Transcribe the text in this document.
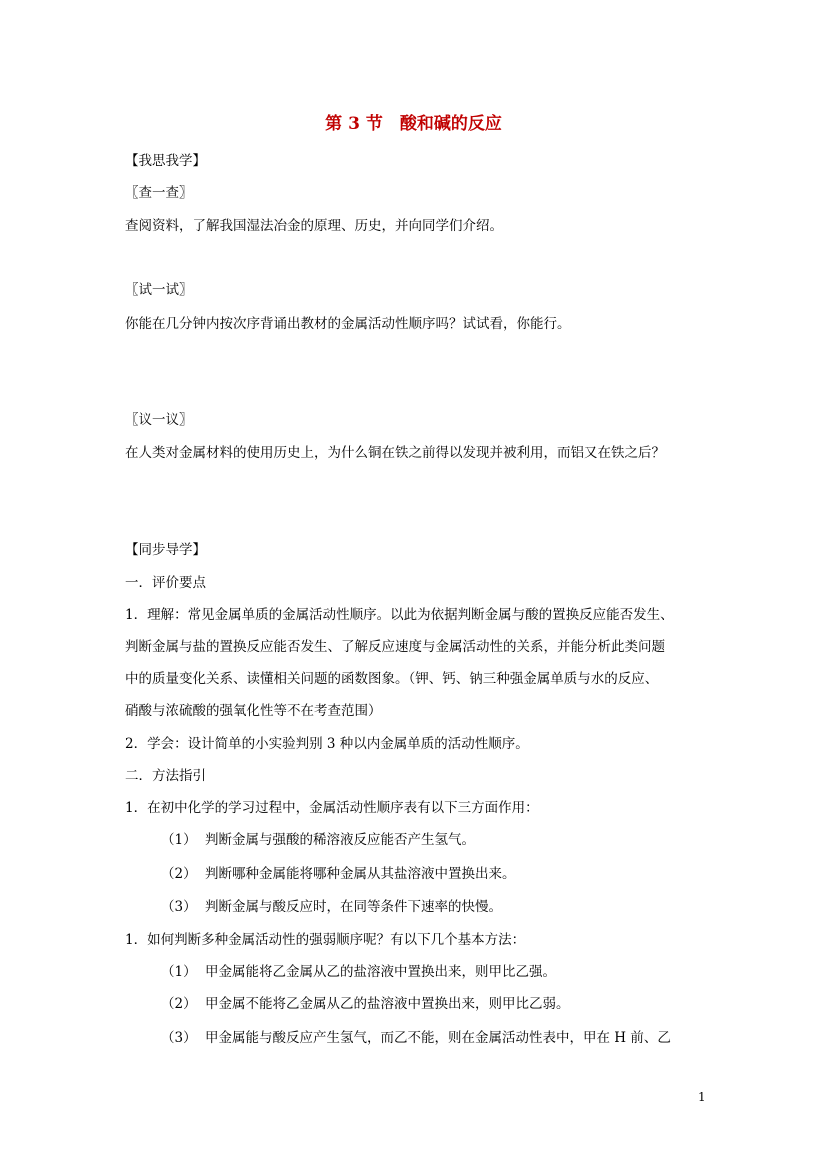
第 3 节　酸和碱的反应
【我思我学】
〖查一查〗
查阅资料，了解我国湿法冶金的原理、历史，并向同学们介绍。
〖试一试〗
你能在几分钟内按次序背诵出教材的金属活动性顺序吗？试试看，你能行。
〖议一议〗
在人类对金属材料的使用历史上，为什么铜在铁之前得以发现并被利用，而铝又在铁之后？
【同步导学】
一．评价要点
1．理解：常见金属单质的金属活动性顺序。以此为依据判断金属与酸的置换反应能否发生、
判断金属与盐的置换反应能否发生、了解反应速度与金属活动性的关系，并能分析此类问题
中的质量变化关系、读懂相关问题的函数图象。（钾、钙、钠三种强金属单质与水的反应、
硝酸与浓硫酸的强氧化性等不在考查范围）
2．学会：设计简单的小实验判别 3 种以内金属单质的活动性顺序。
二．方法指引
1．在初中化学的学习过程中，金属活动性顺序表有以下三方面作用：
（1） 判断金属与强酸的稀溶液反应能否产生氢气。
（2） 判断哪种金属能将哪种金属从其盐溶液中置换出来。
（3） 判断金属与酸反应时，在同等条件下速率的快慢。
1．如何判断多种金属活动性的强弱顺序呢？有以下几个基本方法：
（1） 甲金属能将乙金属从乙的盐溶液中置换出来，则甲比乙强。
（2） 甲金属不能将乙金属从乙的盐溶液中置换出来，则甲比乙弱。
（3） 甲金属能与酸反应产生氢气，而乙不能，则在金属活动性表中，甲在 H 前、乙
1
